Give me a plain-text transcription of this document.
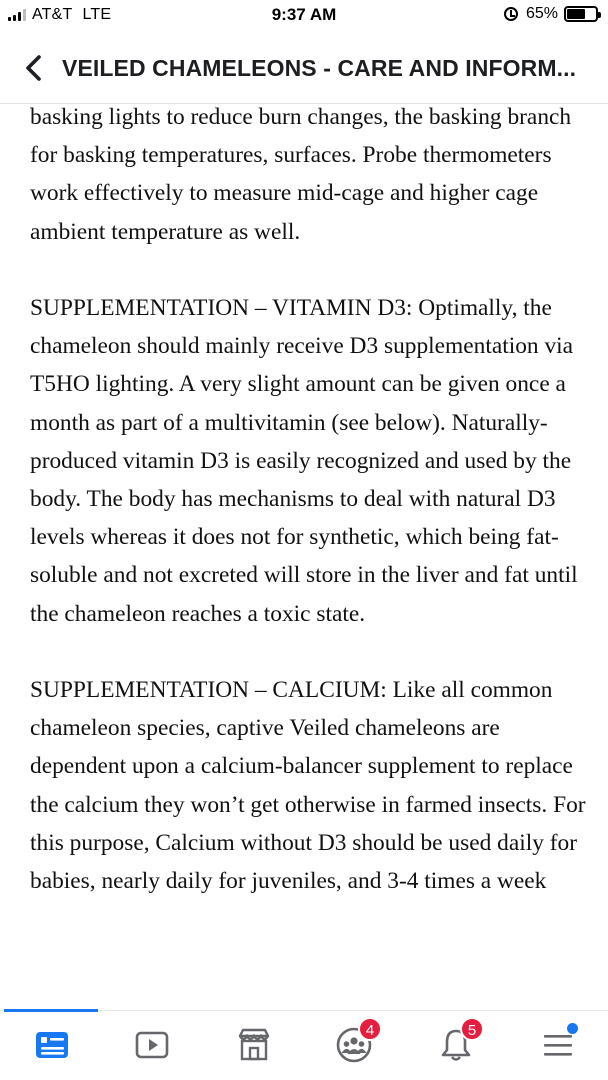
AT&T LTE	9:37 AM	65%
VEILED CHAMELEONS - CARE AND INFORM...

basking lights to reduce burn changes, the basking branch for basking temperatures, surfaces. Probe thermometers work effectively to measure mid-cage and higher cage ambient temperature as well.

SUPPLEMENTATION – VITAMIN D3: Optimally, the chameleon should mainly receive D3 supplementation via T5HO lighting. A very slight amount can be given once a month as part of a multivitamin (see below). Naturally-produced vitamin D3 is easily recognized and used by the body. The body has mechanisms to deal with natural D3 levels whereas it does not for synthetic, which being fat-soluble and not excreted will store in the liver and fat until the chameleon reaches a toxic state.

SUPPLEMENTATION – CALCIUM: Like all common chameleon species, captive Veiled chameleons are dependent upon a calcium-balancer supplement to replace the calcium they won’t get otherwise in farmed insects. For this purpose, Calcium without D3 should be used daily for babies, nearly daily for juveniles, and 3-4 times a week

4	5
